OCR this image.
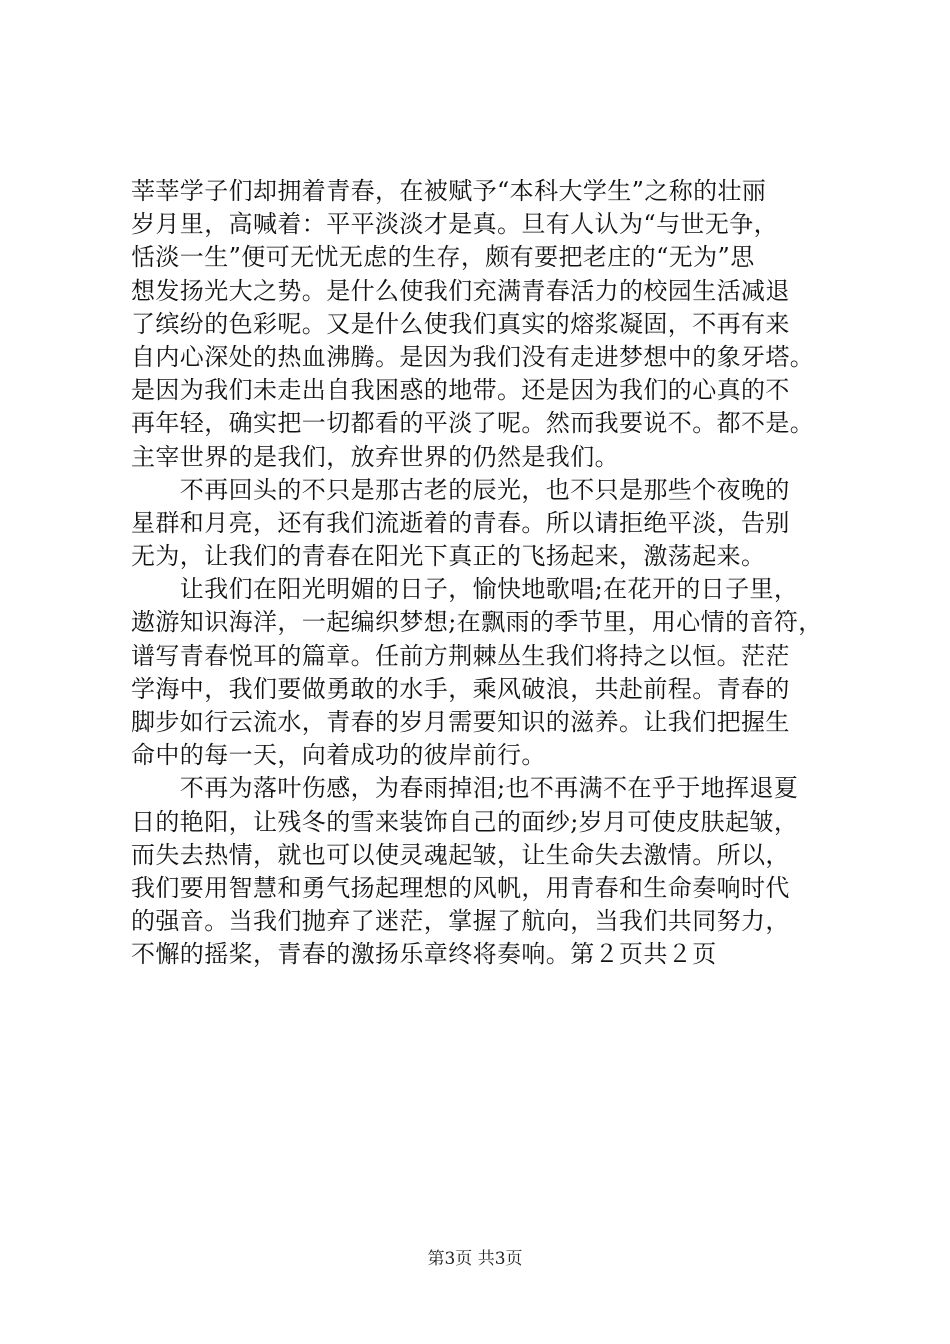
莘莘学子们却拥着青春，在被赋予“本科大学生”之称的壮丽
岁月里，高喊着：平平淡淡才是真。旦有人认为“与世无争，
恬淡一生”便可无忧无虑的生存，颇有要把老庄的“无为”思
想发扬光大之势。是什么使我们充满青春活力的校园生活减退
了缤纷的色彩呢。又是什么使我们真实的熔浆凝固，不再有来
自内心深处的热血沸腾。是因为我们没有走进梦想中的象牙塔。
是因为我们未走出自我困惑的地带。还是因为我们的心真的不
再年轻，确实把一切都看的平淡了呢。然而我要说不。都不是。
主宰世界的是我们，放弃世界的仍然是我们。
　　不再回头的不只是那古老的辰光，也不只是那些个夜晚的
星群和月亮，还有我们流逝着的青春。所以请拒绝平淡，告别
无为，让我们的青春在阳光下真正的飞扬起来，激荡起来。
　　让我们在阳光明媚的日子，愉快地歌唱;在花开的日子里，
遨游知识海洋，一起编织梦想;在飘雨的季节里，用心情的音符，
谱写青春悦耳的篇章。任前方荆棘丛生我们将持之以恒。茫茫
学海中，我们要做勇敢的水手，乘风破浪，共赴前程。青春的
脚步如行云流水，青春的岁月需要知识的滋养。让我们把握生
命中的每一天，向着成功的彼岸前行。
　　不再为落叶伤感，为春雨掉泪;也不再满不在乎于地挥退夏
日的艳阳，让残冬的雪来装饰自己的面纱;岁月可使皮肤起皱，
而失去热情，就也可以使灵魂起皱，让生命失去激情。所以，
我们要用智慧和勇气扬起理想的风帆，用青春和生命奏响时代
的强音。当我们抛弃了迷茫，掌握了航向，当我们共同努力，
不懈的摇桨，青春的激扬乐章终将奏响。第２页共２页
第3页 共3页
